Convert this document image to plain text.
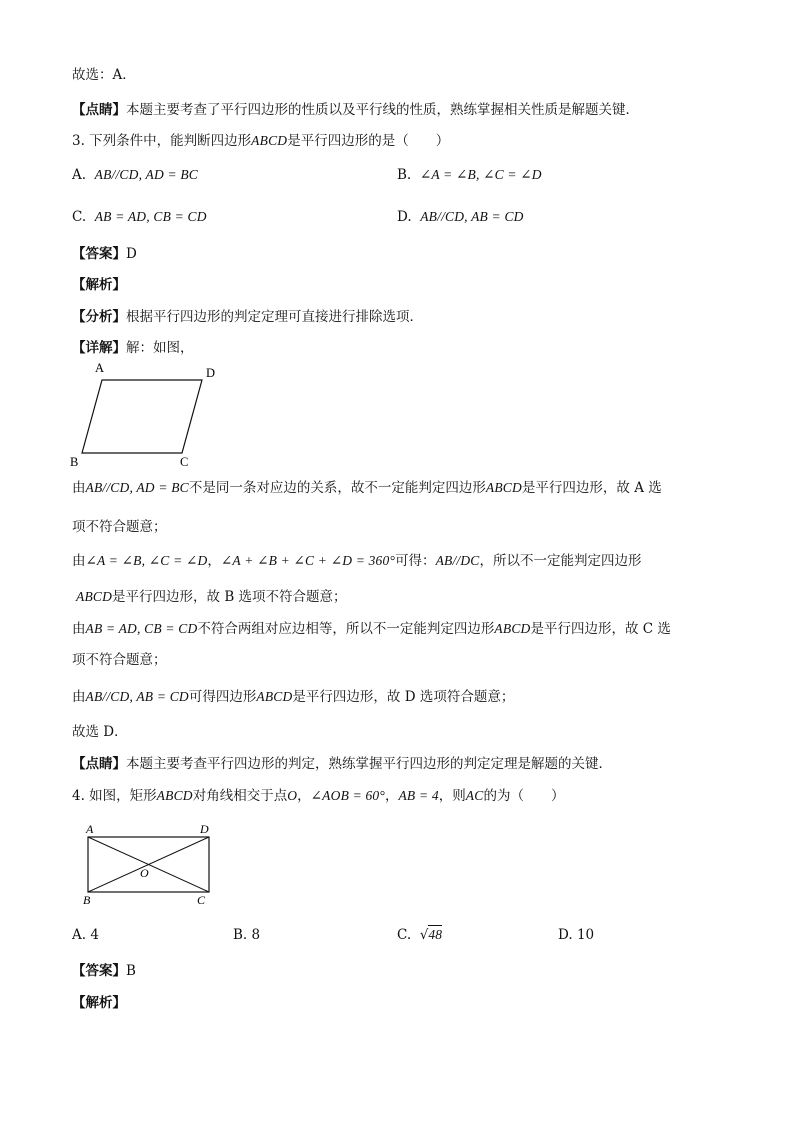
故选：A．
【点睛】本题主要考查了平行四边形的性质以及平行线的性质，熟练掌握相关性质是解题关键．
3. 下列条件中，能判断四边形ABCD是平行四边形的是（　　）
A. AB//CD, AD = BC	B. ∠A = ∠B, ∠C = ∠D
C. AB = AD, CB = CD	D. AB//CD, AB = CD
【答案】D
【解析】
【分析】根据平行四边形的判定定理可直接进行排除选项．
【详解】解：如图，
A	D
B	C
由AB//CD, AD = BC不是同一条对应边的关系，故不一定能判定四边形ABCD是平行四边形，故 A 选
项不符合题意；
由∠A = ∠B, ∠C = ∠D，∠A + ∠B + ∠C + ∠D = 360°可得：AB//DC，所以不一定能判定四边形
ABCD是平行四边形，故 B 选项不符合题意；
由AB = AD, CB = CD不符合两组对应边相等，所以不一定能判定四边形ABCD是平行四边形，故 C 选
项不符合题意；
由AB//CD, AB = CD可得四边形ABCD是平行四边形，故 D 选项符合题意；
故选 D．
【点睛】本题主要考查平行四边形的判定，熟练掌握平行四边形的判定定理是解题的关键．
4. 如图，矩形ABCD对角线相交于点O，∠AOB = 60°，AB = 4，则AC的为（　　）
A	D
B	C
O
A. 4	B. 8	C. √48	D. 10
【答案】B
【解析】
